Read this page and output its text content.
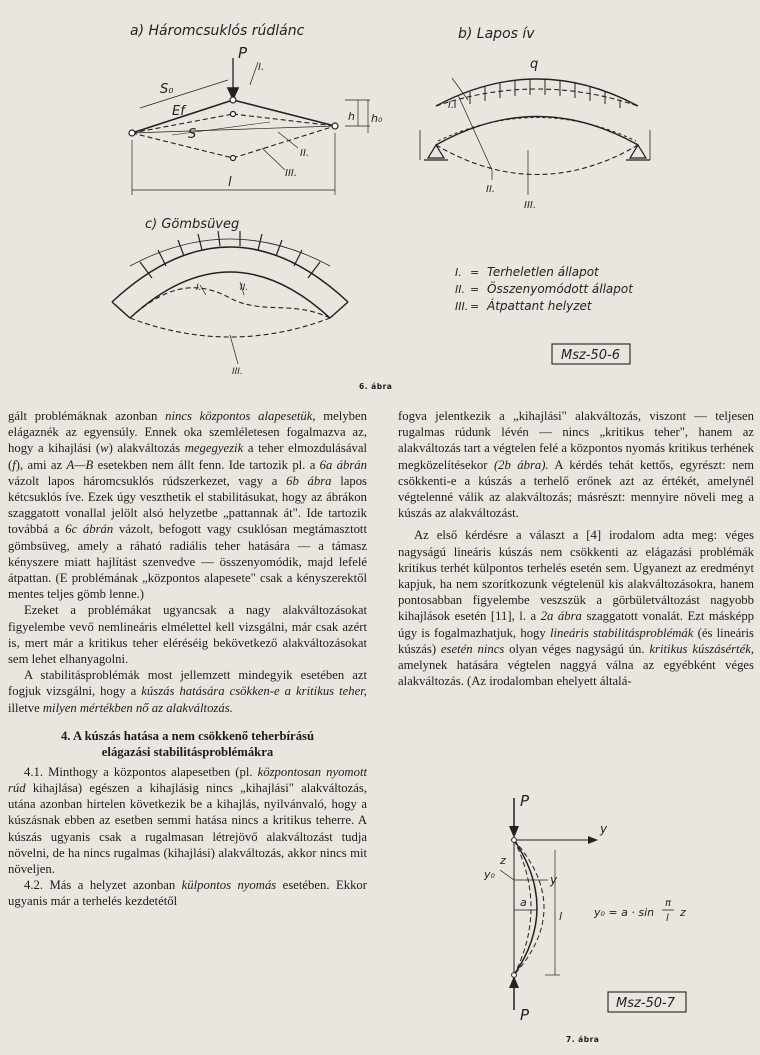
a) Háromcsuklós rúdlánc
P
S₀
Ef
S
l
h h₀
I.
II.
III.
b) Lapos ív
q
I.
II.
III.
c) Gömbsüveg
I.	II.
III.
I. = Terheletlen állapot
II. = Összenyomódott állapot
III. = Átpattant helyzet
Msz-50-6
6. ábra

gált problémáknak azonban nincs központos alapesetük, melyben elágaznék az egyensúly. Ennek oka szemléletesen fogalmazva az, hogy a kihajlási (w) alakváltozás megegyezik a teher elmozdulásával (f), ami az A—B esetekben nem állt fenn. Ide tartozik pl. a 6a ábrán vázolt lapos háromcsuklós rúdszerkezet, vagy a 6b ábra lapos kétcsuklós íve. Ezek úgy veszthetik el stabilitásukat, hogy az ábrákon szaggatott vonallal jelölt alsó helyzetbe „pattannak át". Ide tartozik továbbá a 6c ábrán vázolt, befogott vagy csuklósan megtámasztott gömbsüveg, amely a ráható radiális teher hatására — a támasz kényszere miatt hajlítást szenvedve — összenyomódik, majd lefelé átpattan. (E problémának „központos alapesete" csak a kényszerektől mentes teljes gömb lenne.)

Ezeket a problémákat ugyancsak a nagy alakváltozásokat figyelembe vevő nemlineáris elmélettel kell vizsgálni, már csak azért is, mert már a kritikus teher eléréséig bekövetkező alakváltozásokat sem lehet elhanyagolni.

A stabilitásproblémák most jellemzett mindegyik esetében azt fogjuk vizsgálni, hogy a kúszás hatására csökken-e a kritikus teher, illetve milyen mértékben nő az alakváltozás.

4. A kúszás hatása a nem csökkenő teherbírású
elágazási stabilitásproblémákra

4.1. Minthogy a központos alapesetben (pl. központosan nyomott rúd kihajlása) egészen a kihajlásig nincs „kihajlási" alakváltozás, utána azonban hirtelen következik be a kihajlás, nyilvánvaló, hogy a kúszásnak ebben az esetben semmi hatása nincs a kritikus teherre. A kúszás ugyanis csak a rugalmasan létrejövő alakváltozást tudja növelni, de ha nincs rugalmas (kihajlási) alakváltozás, akkor nincs mit növeljen.

4.2. Más a helyzet azonban külpontos nyomás esetében. Ekkor ugyanis már a terhelés kezdetétől

fogva jelentkezik a „kihajlási" alakváltozás, viszont — teljesen rugalmas rúdunk lévén — nincs „kritikus teher", hanem az alakváltozás tart a végtelen felé a központos nyomás kritikus terhének megközelítésekor (2b ábra). A kérdés tehát kettős, egyrészt: nem csökkenti-e a kúszás a terhelő erőnek azt az értékét, amelynél végtelenné válik az alakváltozás; másrészt: mennyire növeli meg a kúszás az alakváltozást.

Az első kérdésre a választ a [4] irodalom adta meg: véges nagyságú lineáris kúszás nem csökkenti az elágazási problémák kritikus terhét külpontos terhelés esetén sem. Ugyanezt az eredményt kapjuk, ha nem szorítkozunk végtelenül kis alakváltozásokra, hanem pontosabban figyelembe veszszük a görbületváltozást nagyobb kihajlások esetén [11], l. a 2a ábra szaggatott vonalát. Ezt másképp úgy is fogalmazhatjuk, hogy lineáris stabilitásproblémák (és lineáris kúszás) esetén nincs olyan véges nagyságú ún. kritikus kúszásérték, amelynek hatására végtelen naggyá válna az egyébként véges alakváltozás. (Az irodalomban ehelyett általá-

P
P
y
y
y₀
z
a
l	y₀ = a · sin
π
l z
Msz-50-7
7. ábra
